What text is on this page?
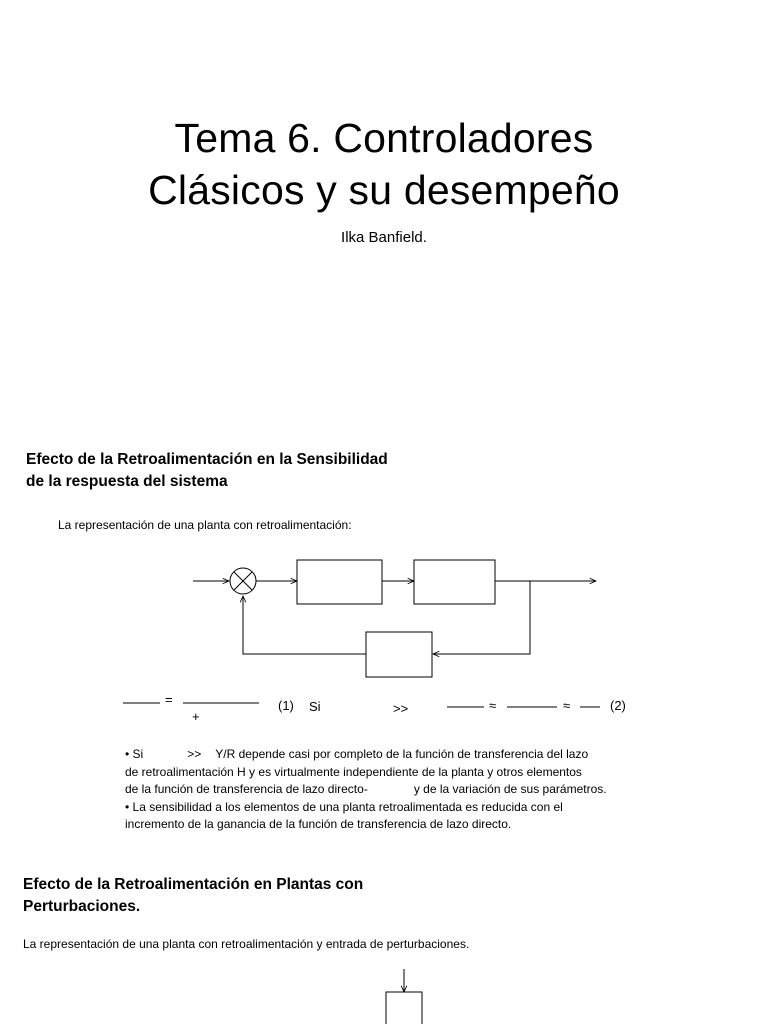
Tema 6. Controladores
Clásicos y su desempeño
Ilka Banfield.
Efecto de la Retroalimentación en la Sensibilidad
de la respuesta del sistema
La representación de una planta con retroalimentación:
=
+
(1) Si	>>	≈	≈	(2)
• Si	>> Y/R depende casi por completo de la función de transferencia del lazo
de retroalimentación H y es virtualmente independiente de la planta y otros elementos
de la función de transferencia de lazo directo-	y de la variación de sus parámetros.
• La sensibilidad a los elementos de una planta retroalimentada es reducida con el
incremento de la ganancia de la función de transferencia de lazo directo.
Efecto de la Retroalimentación en Plantas con
Perturbaciones.
La representación de una planta con retroalimentación y entrada de perturbaciones.
